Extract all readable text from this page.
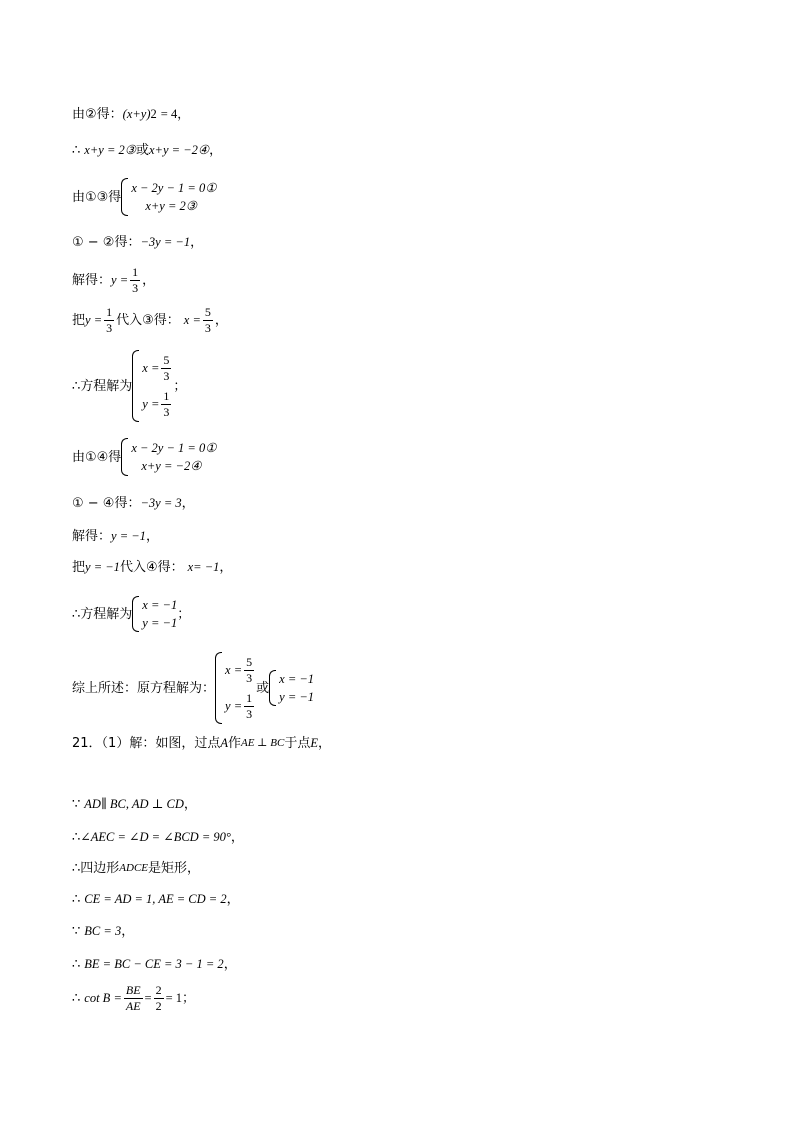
由②得： (x+y) 2 = 4，
∴ x+y = 2③ 或 x+y = −2④ ，
由①③得
x − 2y − 1 = 0①
x+y = 2③
① − ②得： −3y = −1 ，
解得： $y = \frac{1}{3}$ ，
把 $y = \frac{1}{3}$ 代入③得： $x = \frac{5}{3}$ ，
∴方程解为
$x = \frac{5}{3}$
$y = \frac{1}{3}$
；
由①④得
x − 2y − 1 = 0①
x+y = −2④
① − ④得： −3y = 3 ，
解得： y = −1 ，
把 y = −1 代入④得： x= −1 ，
∴方程解为
x = −1
y = −1
；
综上所述：原方程解为：
$x = \frac{5}{3}$
$y = \frac{1}{3}$
或
x = −1
y = −1
21．（1）解：如图，过点 A 作 AE ⊥ BC 于点 E ，
∵ AD∥ BC, AD ⊥ CD ，
∴ ∠AEC = ∠D = ∠BCD = 90° ，
∴四边形 ADCE 是矩形，
∴ CE = AD = 1, AE = CD = 2 ，
∵ BC = 3 ，
∴ BE = BC − CE = 3 − 1 = 2 ，
∴ $\cot B = \frac{BE}{AE} = \frac{2}{2} = 1$ ；
